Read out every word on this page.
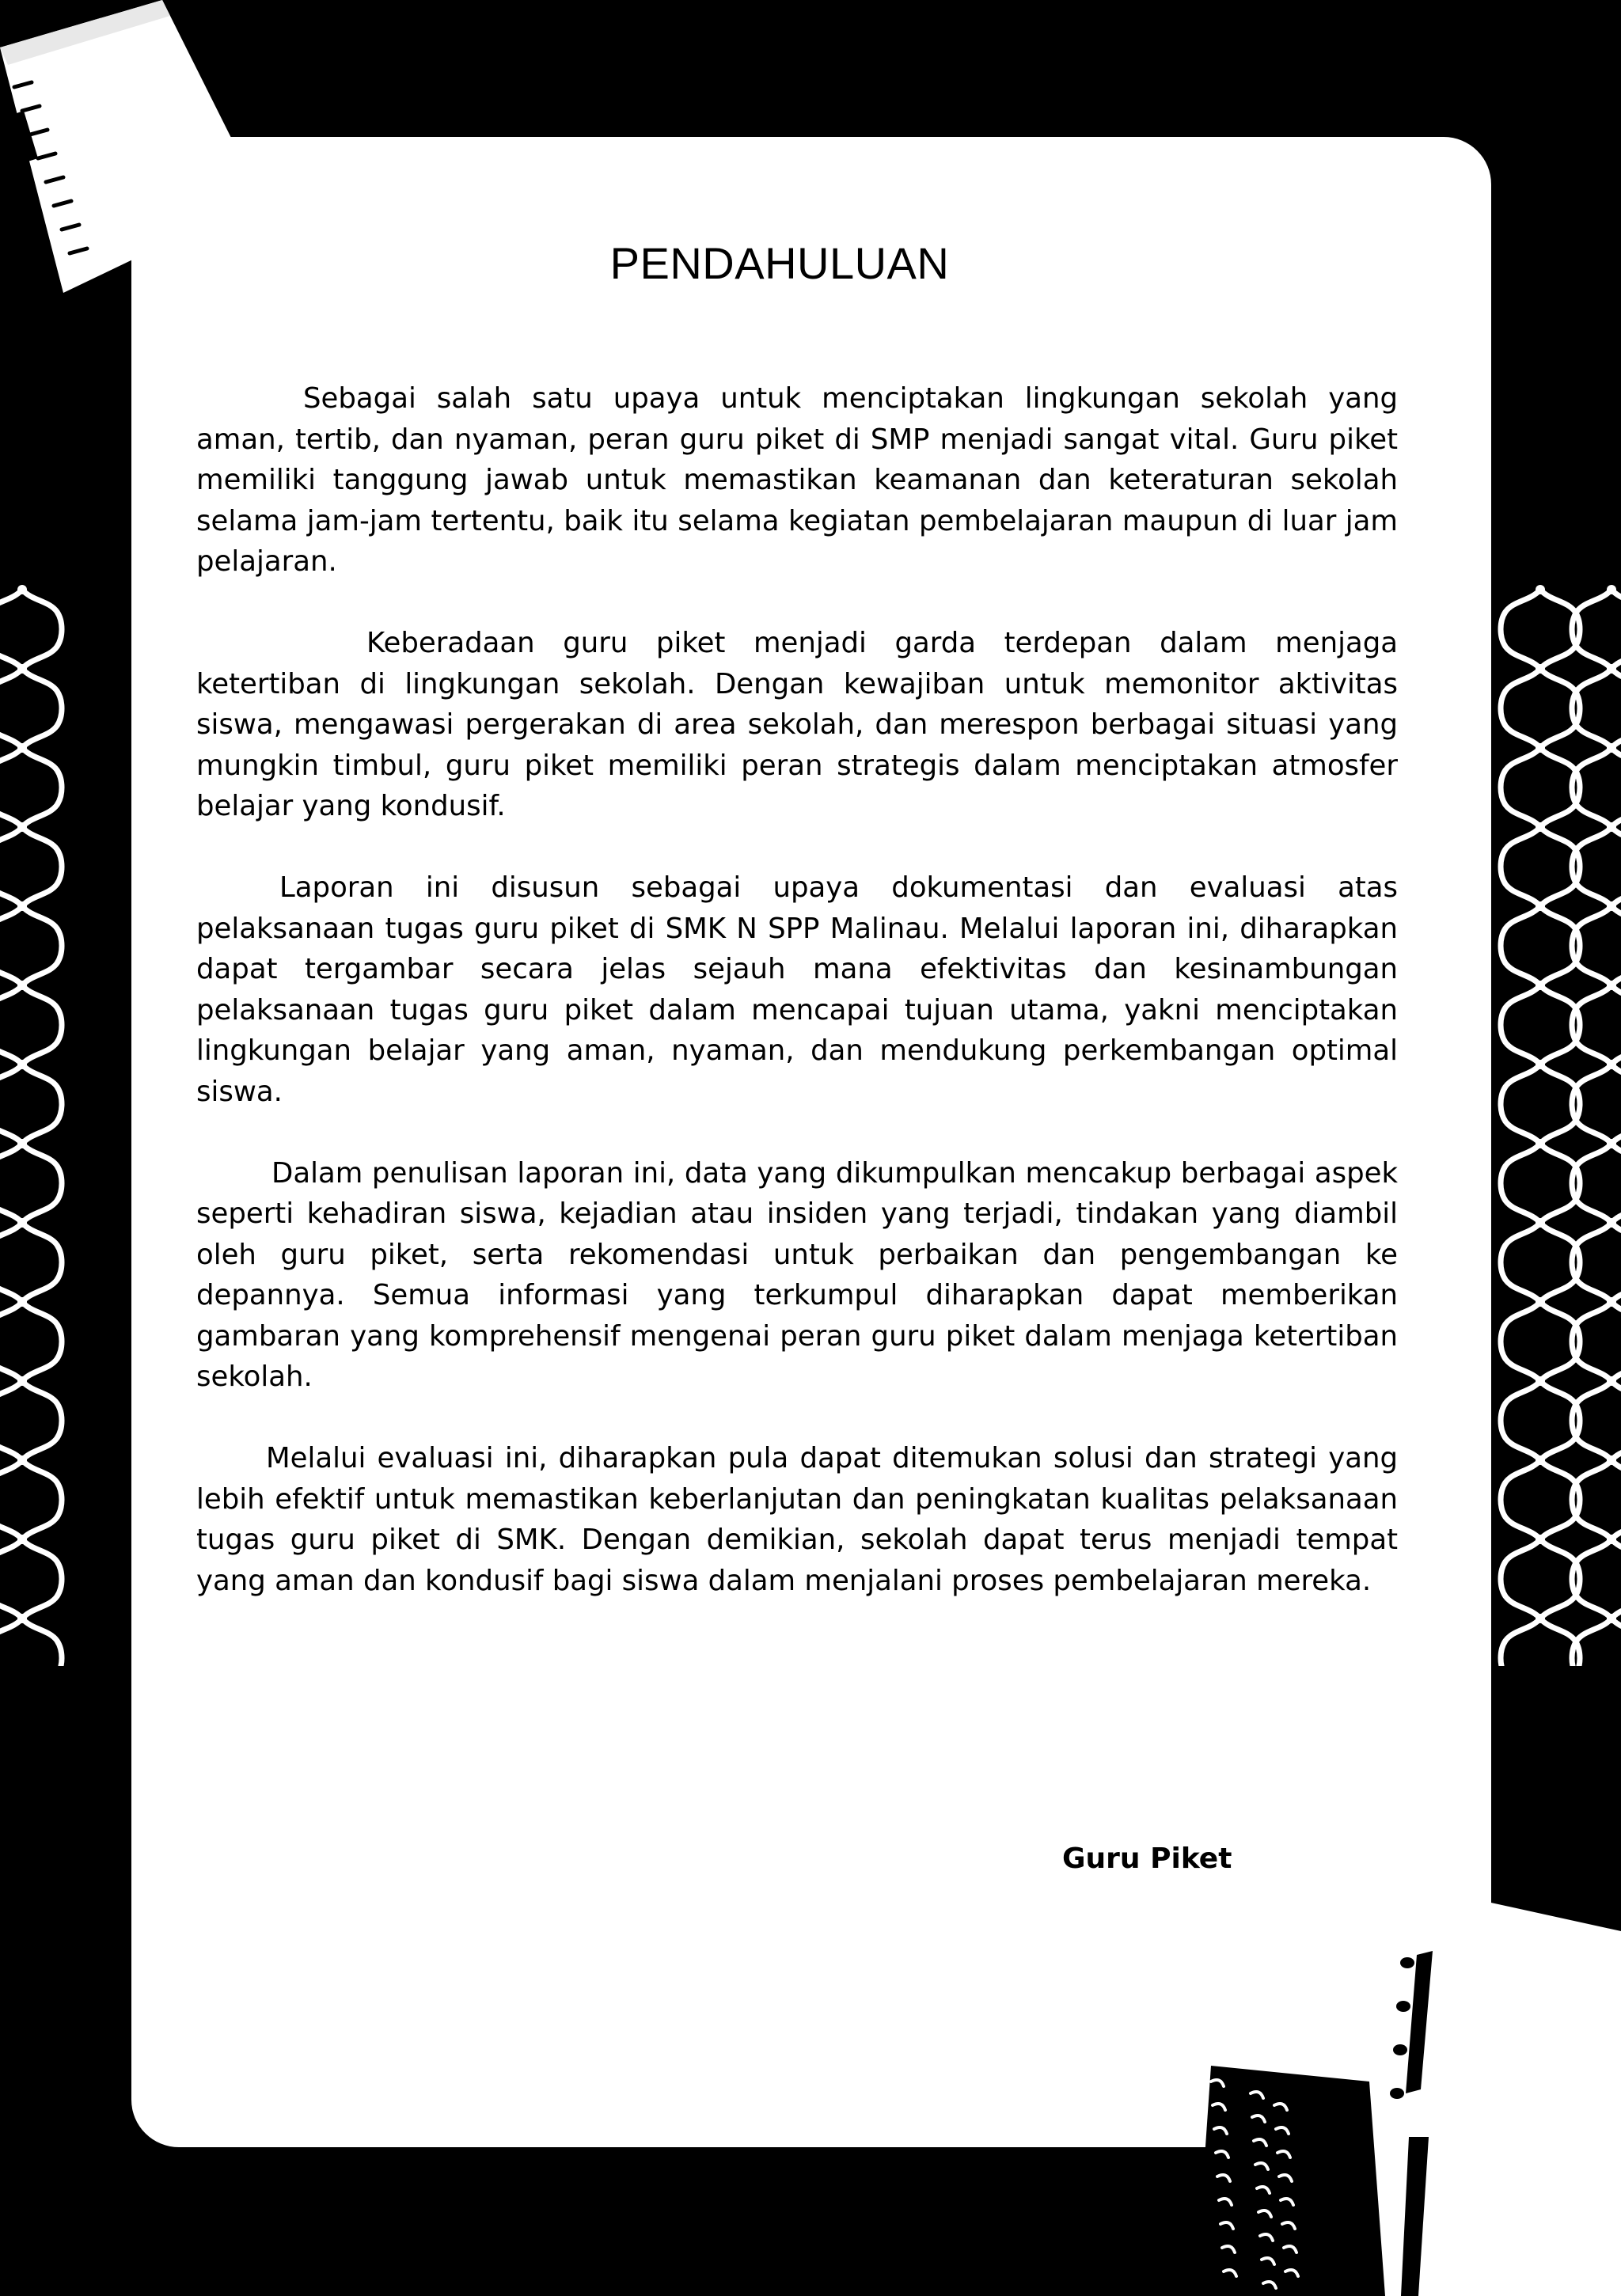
PENDAHULUAN

Sebagai salah satu upaya untuk menciptakan lingkungan sekolah yang aman, tertib, dan nyaman, peran guru piket di SMP menjadi sangat vital. Guru piket memiliki tanggung jawab untuk memastikan keamanan dan keteraturan sekolah selama jam-jam tertentu, baik itu selama kegiatan pembelajaran maupun di luar jam pelajaran.

Keberadaan guru piket menjadi garda terdepan dalam menjaga ketertiban di lingkungan sekolah. Dengan kewajiban untuk memonitor aktivitas siswa, mengawasi pergerakan di area sekolah, dan merespon berbagai situasi yang mungkin timbul, guru piket memiliki peran strategis dalam menciptakan atmosfer belajar yang kondusif.

Laporan ini disusun sebagai upaya dokumentasi dan evaluasi atas pelaksanaan tugas guru piket di SMK N SPP Malinau. Melalui laporan ini, diharapkan dapat tergambar secara jelas sejauh mana efektivitas dan kesinambungan pelaksanaan tugas guru piket dalam mencapai tujuan utama, yakni menciptakan lingkungan belajar yang aman, nyaman, dan mendukung perkembangan optimal siswa.

Dalam penulisan laporan ini, data yang dikumpulkan mencakup berbagai aspek seperti kehadiran siswa, kejadian atau insiden yang terjadi, tindakan yang diambil oleh guru piket, serta rekomendasi untuk perbaikan dan pengembangan ke depannya. Semua informasi yang terkumpul diharapkan dapat memberikan gambaran yang komprehensif mengenai peran guru piket dalam menjaga ketertiban sekolah.

Melalui evaluasi ini, diharapkan pula dapat ditemukan solusi dan strategi yang lebih efektif untuk memastikan keberlanjutan dan peningkatan kualitas pelaksanaan tugas guru piket di SMK. Dengan demikian, sekolah dapat terus menjadi tempat yang aman dan kondusif bagi siswa dalam menjalani proses pembelajaran mereka.

Guru Piket
